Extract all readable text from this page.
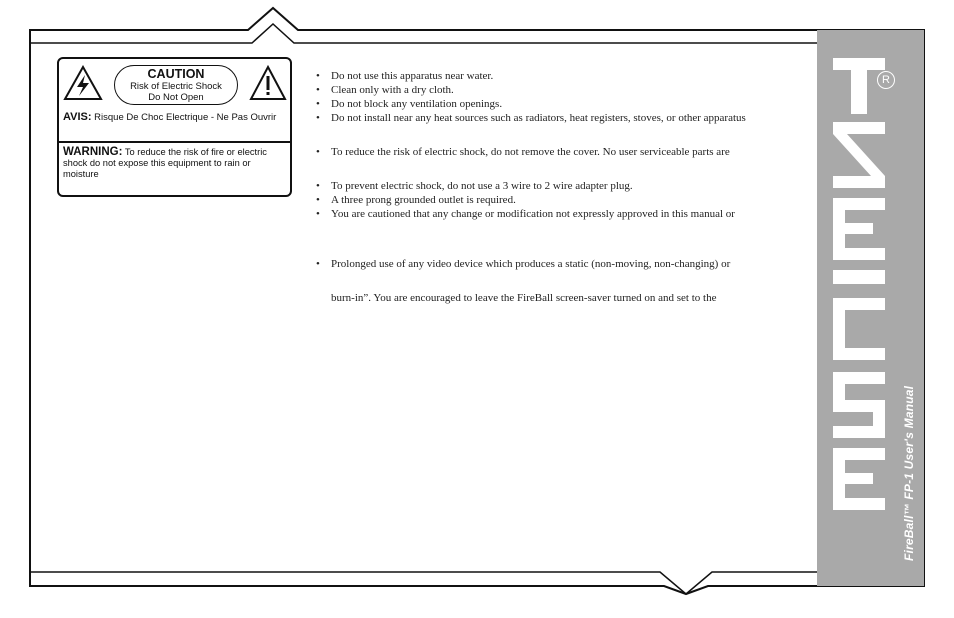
R
FireBall™ FP-1 User's Manual
CAUTION
Risk of Electric Shock
Do Not Open
AVIS: Risque De Choc Electrique - Ne Pas Ouvrir
WARNING: To reduce the risk of fire or electric shock do not expose this equipment to rain or moisture
Do not use this apparatus near water.
Clean only with a dry cloth.
Do not block any ventilation openings.
Do not install near any heat sources such as radiators, heat registers, stoves, or other apparatus
To reduce the risk of electric shock, do not remove the cover. No user serviceable parts are
To prevent electric shock, do not use a 3 wire to 2 wire adapter plug.
A three prong grounded outlet is required.
You are cautioned that any change or modification not expressly approved in this manual or
Prolonged use of any video device which produces a static (non-moving, non-changing) or
burn-in”. You are encouraged to leave the FireBall screen-saver turned on and set to the
